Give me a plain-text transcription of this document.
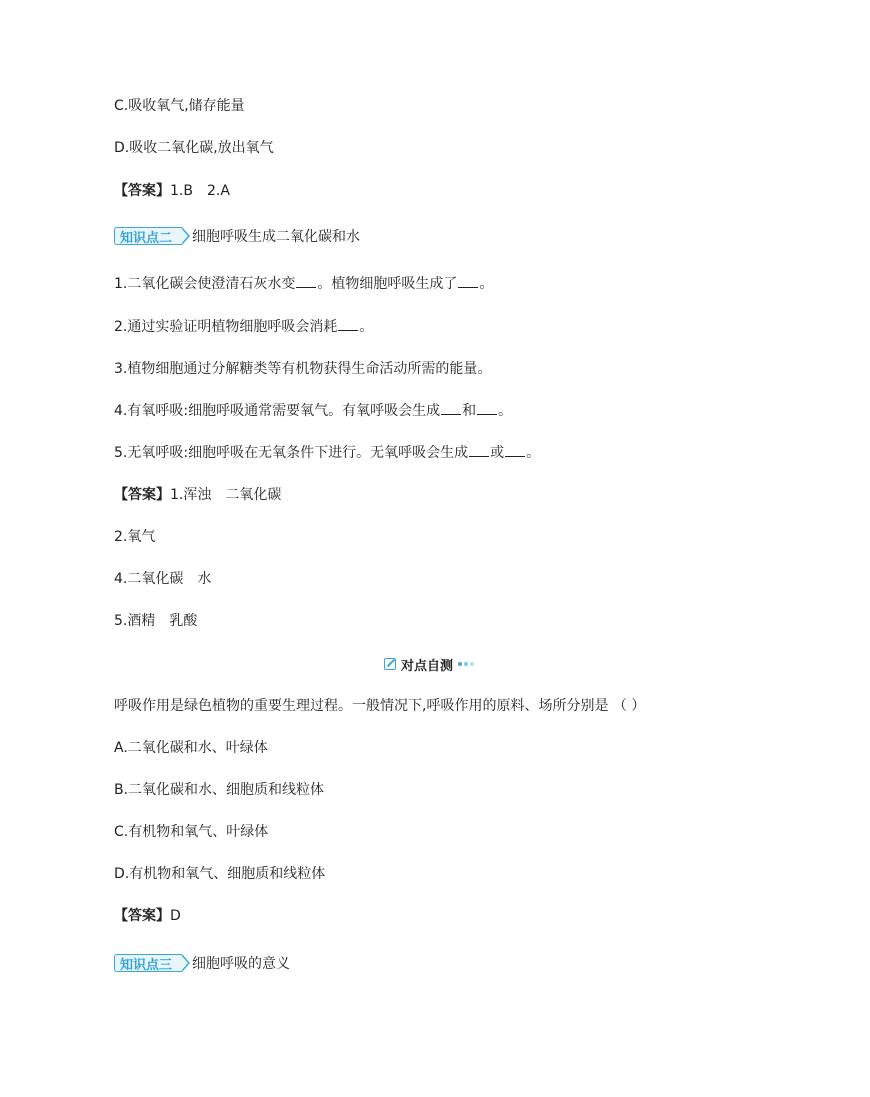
C.吸收氧气,储存能量
D.吸收二氧化碳,放出氧气
【答案】1.B 2.A
知识点二	细胞呼吸生成二氧化碳和水
1.二氧化碳会使澄清石灰水变 。植物细胞呼吸生成了 。
2.通过实验证明植物细胞呼吸会消耗 。
3.植物细胞通过分解糖类等有机物获得生命活动所需的能量。
4.有氧呼吸:细胞呼吸通常需要氧气。有氧呼吸会生成 和 。
5.无氧呼吸:细胞呼吸在无氧条件下进行。无氧呼吸会生成 或 。
【答案】1.浑浊 二氧化碳
2.氧气
4.二氧化碳 水
5.酒精 乳酸
对点自测
呼吸作用是绿色植物的重要生理过程。一般情况下,呼吸作用的原料、场所分别是 （ ）
A.二氧化碳和水、叶绿体
B.二氧化碳和水、细胞质和线粒体
C.有机物和氧气、叶绿体
D.有机物和氧气、细胞质和线粒体
【答案】D
知识点三	细胞呼吸的意义
